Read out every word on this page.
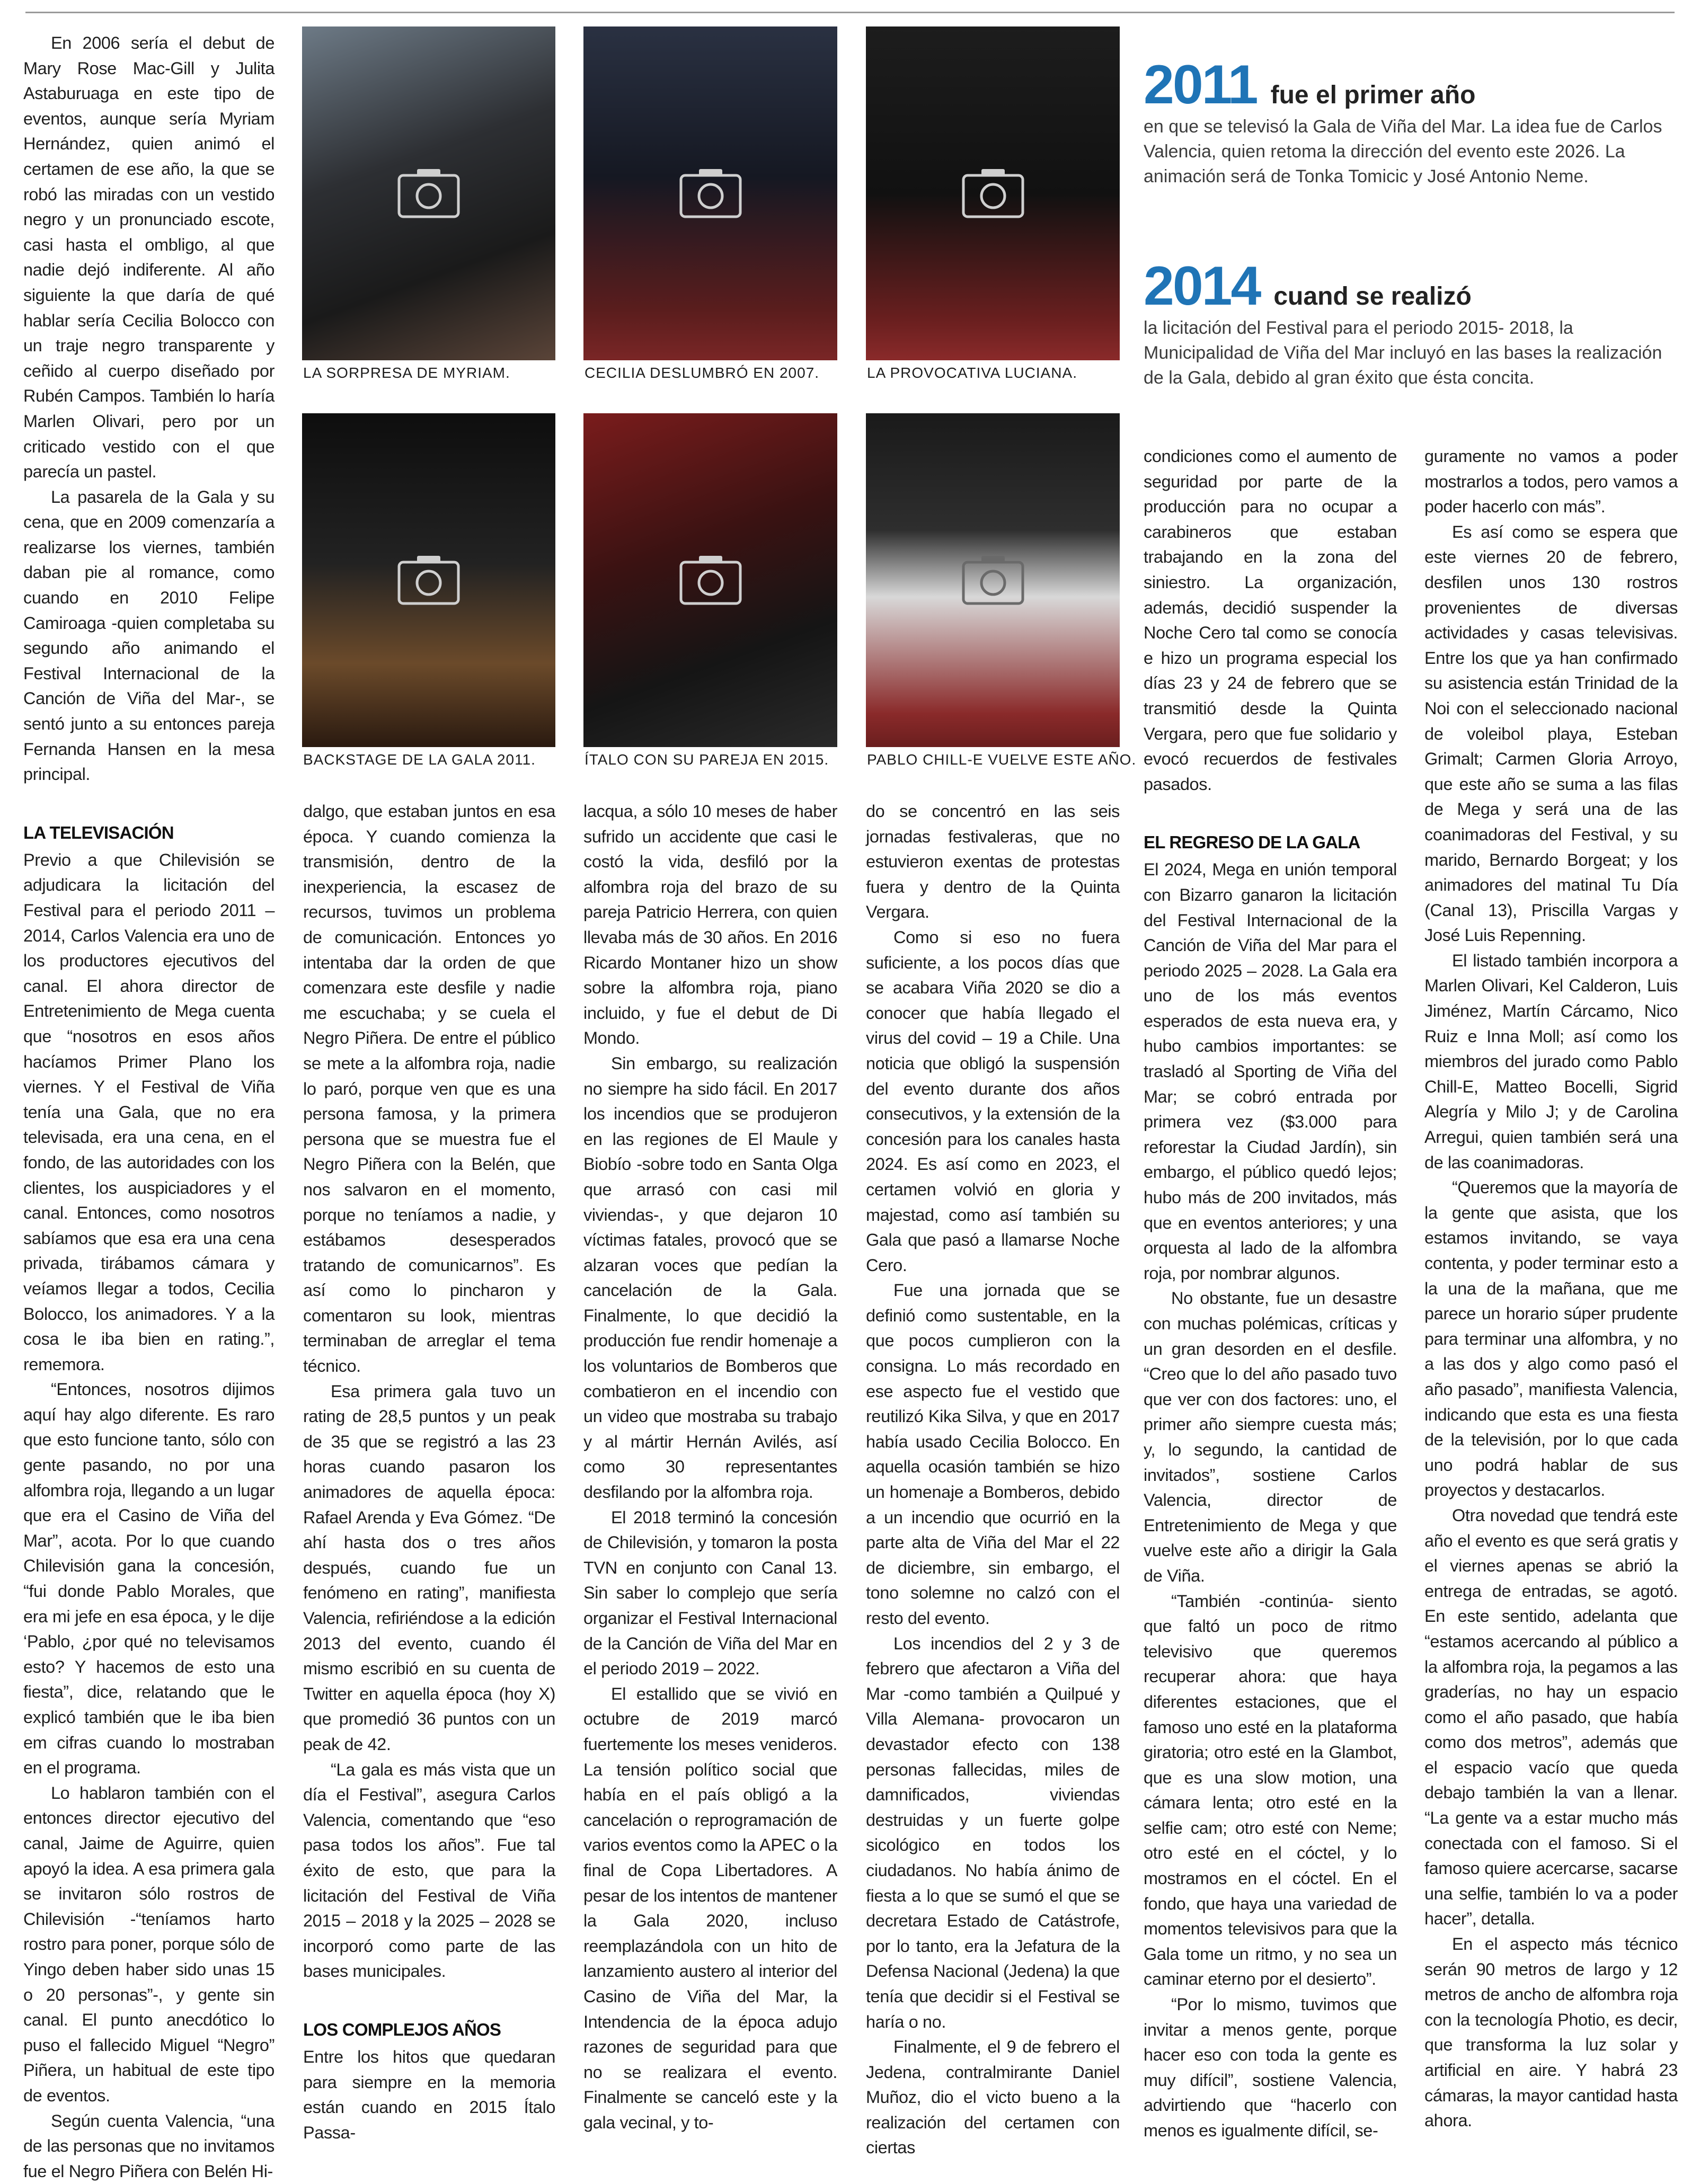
LA SORPRESA DE MYRIAM.	CECILIA DESLUMBRÓ EN 2007.	LA PROVOCATIVA LUCIANA.
BACKSTAGE DE LA GALA 2011.	ÍTALO CON SU PAREJA EN 2015.	PABLO CHILL-E VUELVE ESTE AÑO.
2011 fue el primer año
en que se televisó la Gala de Viña del Mar. La idea fue de Carlos Valencia, quien retoma la dirección del evento este 2026. La animación será de Tonka Tomicic y José Antonio Neme.
2014 cuand se realizó
la licitación del Festival para el periodo 2015- 2018, la Municipalidad de Viña del Mar incluyó en las bases la realización de la Gala, debido al gran éxito que ésta concita.

En 2006 sería el debut de Mary Rose Mac-Gill y Julita Astaburuaga en este tipo de eventos, aunque sería Myriam Hernández, quien animó el certamen de ese año, la que se robó las miradas con un vestido negro y un pronunciado escote, casi hasta el ombligo, al que nadie dejó indiferente. Al año siguiente la que daría de qué hablar sería Cecilia Bolocco con un traje negro transparente y ceñido al cuerpo diseñado por Rubén Campos. También lo haría Marlen Olivari, pero por un criticado vestido con el que parecía un pastel.

La pasarela de la Gala y su cena, que en 2009 comenzaría a realizarse los viernes, también daban pie al romance, como cuando en 2010 Felipe Camiroaga -quien completaba su segundo año animando el Festival Internacional de la Canción de Viña del Mar-, se sentó junto a su entonces pareja Fernanda Hansen en la mesa principal.

LA TELEVISACIÓN

Previo a que Chilevisión se adjudicara la licitación del Festival para el periodo 2011 – 2014, Carlos Valencia era uno de los productores ejecutivos del canal. El ahora director de Entretenimiento de Mega cuenta que “nosotros en esos años hacíamos Primer Plano los viernes. Y el Festival de Viña tenía una Gala, que no era televisada, era una cena, en el fondo, de las autoridades con los clientes, los auspiciadores y el canal. Entonces, como nosotros sabíamos que esa era una cena privada, tirábamos cámara y veíamos llegar a todos, Cecilia Bolocco, los animadores. Y a la cosa le iba bien en rating.”, rememora.

“Entonces, nosotros dijimos aquí hay algo diferente. Es raro que esto funcione tanto, sólo con gente pasando, no por una alfombra roja, llegando a un lugar que era el Casino de Viña del Mar”, acota. Por lo que cuando Chilevisión gana la concesión, “fui donde Pablo Morales, que era mi jefe en esa época, y le dije ‘Pablo, ¿por qué no televisamos esto? Y hacemos de esto una fiesta”, dice, relatando que le explicó también que le iba bien em cifras cuando lo mostraban en el programa.

Lo hablaron también con el entonces director ejecutivo del canal, Jaime de Aguirre, quien apoyó la idea. A esa primera gala se invitaron sólo rostros de Chilevisión -“teníamos harto rostro para poner, porque sólo de Yingo deben haber sido unas 15 o 20 personas”-, y gente sin canal. El punto anecdótico lo puso el fallecido Miguel “Negro” Piñera, un habitual de este tipo de eventos.

Según cuenta Valencia, “una de las personas que no invitamos fue el Negro Piñera con Belén Hi-

dalgo, que estaban juntos en esa época. Y cuando comienza la transmisión, dentro de la inexperiencia, la escasez de recursos, tuvimos un problema de comunicación. Entonces yo intentaba dar la orden de que comenzara este desfile y nadie me escuchaba; y se cuela el Negro Piñera. De entre el público se mete a la alfombra roja, nadie lo paró, porque ven que es una persona famosa, y la primera persona que se muestra fue el Negro Piñera con la Belén, que nos salvaron en el momento, porque no teníamos a nadie, y estábamos desesperados tratando de comunicarnos”. Es así como lo pincharon y comentaron su look, mientras terminaban de arreglar el tema técnico.

Esa primera gala tuvo un rating de 28,5 puntos y un peak de 35 que se registró a las 23 horas cuando pasaron los animadores de aquella época: Rafael Arenda y Eva Gómez. “De ahí hasta dos o tres años después, cuando fue un fenómeno en rating”, manifiesta Valencia, refiriéndose a la edición 2013 del evento, cuando él mismo escribió en su cuenta de Twitter en aquella época (hoy X) que promedió 36 puntos con un peak de 42.

“La gala es más vista que un día el Festival”, asegura Carlos Valencia, comentando que “eso pasa todos los años”. Fue tal éxito de esto, que para la licitación del Festival de Viña 2015 – 2018 y la 2025 – 2028 se incorporó como parte de las bases municipales.

LOS COMPLEJOS AÑOS

Entre los hitos que quedaran para siempre en la memoria están cuando en 2015 Ítalo Passa-

lacqua, a sólo 10 meses de haber sufrido un accidente que casi le costó la vida, desfiló por la alfombra roja del brazo de su pareja Patricio Herrera, con quien llevaba más de 30 años. En 2016 Ricardo Montaner hizo un show sobre la alfombra roja, piano incluido, y fue el debut de Di Mondo.

Sin embargo, su realización no siempre ha sido fácil. En 2017 los incendios que se produjeron en las regiones de El Maule y Biobío -sobre todo en Santa Olga que arrasó con casi mil viviendas-, y que dejaron 10 víctimas fatales, provocó que se alzaran voces que pedían la cancelación de la Gala. Finalmente, lo que decidió la producción fue rendir homenaje a los voluntarios de Bomberos que combatieron en el incendio con un video que mostraba su trabajo y al mártir Hernán Avilés, así como 30 representantes desfilando por la alfombra roja.

El 2018 terminó la concesión de Chilevisión, y tomaron la posta TVN en conjunto con Canal 13. Sin saber lo complejo que sería organizar el Festival Internacional de la Canción de Viña del Mar en el periodo 2019 – 2022.

El estallido que se vivió en octubre de 2019 marcó fuertemente los meses venideros. La tensión político social que había en el país obligó a la cancelación o reprogramación de varios eventos como la APEC o la final de Copa Libertadores. A pesar de los intentos de mantener la Gala 2020, incluso reemplazándola con un hito de lanzamiento austero al interior del Casino de Viña del Mar, la Intendencia de la época adujo razones de seguridad para que no se realizara el evento. Finalmente se canceló este y la gala vecinal, y to-

do se concentró en las seis jornadas festivaleras, que no estuvieron exentas de protestas fuera y dentro de la Quinta Vergara.

Como si eso no fuera suficiente, a los pocos días que se acabara Viña 2020 se dio a conocer que había llegado el virus del covid – 19 a Chile. Una noticia que obligó la suspensión del evento durante dos años consecutivos, y la extensión de la concesión para los canales hasta 2024. Es así como en 2023, el certamen volvió en gloria y majestad, como así también su Gala que pasó a llamarse Noche Cero.

Fue una jornada que se definió como sustentable, en la que pocos cumplieron con la consigna. Lo más recordado en ese aspecto fue el vestido que reutilizó Kika Silva, y que en 2017 había usado Cecilia Bolocco. En aquella ocasión también se hizo un homenaje a Bomberos, debido a un incendio que ocurrió en la parte alta de Viña del Mar el 22 de diciembre, sin embargo, el tono solemne no calzó con el resto del evento.

Los incendios del 2 y 3 de febrero que afectaron a Viña del Mar -como también a Quilpué y Villa Alemana- provocaron un devastador efecto con 138 personas fallecidas, miles de damnificados, viviendas destruidas y un fuerte golpe sicológico en todos los ciudadanos. No había ánimo de fiesta a lo que se sumó el que se decretara Estado de Catástrofe, por lo tanto, era la Jefatura de la Defensa Nacional (Jedena) la que tenía que decidir si el Festival se haría o no.

Finalmente, el 9 de febrero el Jedena, contralmirante Daniel Muñoz, dio el victo bueno a la realización del certamen con ciertas

condiciones como el aumento de seguridad por parte de la producción para no ocupar a carabineros que estaban trabajando en la zona del siniestro. La organización, además, decidió suspender la Noche Cero tal como se conocía e hizo un programa especial los días 23 y 24 de febrero que se transmitió desde la Quinta Vergara, pero que fue solidario y evocó recuerdos de festivales pasados.

EL REGRESO DE LA GALA

El 2024, Mega en unión temporal con Bizarro ganaron la licitación del Festival Internacional de la Canción de Viña del Mar para el periodo 2025 – 2028. La Gala era uno de los más eventos esperados de esta nueva era, y hubo cambios importantes: se trasladó al Sporting de Viña del Mar; se cobró entrada por primera vez ($3.000 para reforestar la Ciudad Jardín), sin embargo, el público quedó lejos; hubo más de 200 invitados, más que en eventos anteriores; y una orquesta al lado de la alfombra roja, por nombrar algunos.

No obstante, fue un desastre con muchas polémicas, críticas y un gran desorden en el desfile. “Creo que lo del año pasado tuvo que ver con dos factores: uno, el primer año siempre cuesta más; y, lo segundo, la cantidad de invitados”, sostiene Carlos Valencia, director de Entretenimiento de Mega y que vuelve este año a dirigir la Gala de Viña.

“También -continúa- siento que faltó un poco de ritmo televisivo que queremos recuperar ahora: que haya diferentes estaciones, que el famoso uno esté en la plataforma giratoria; otro esté en la Glambot, que es una slow motion, una cámara lenta; otro esté en la selfie cam; otro esté con Neme; otro esté en el cóctel, y lo mostramos en el cóctel. En el fondo, que haya una variedad de momentos televisivos para que la Gala tome un ritmo, y no sea un caminar eterno por el desierto”.

“Por lo mismo, tuvimos que invitar a menos gente, porque hacer eso con toda la gente es muy difícil”, sostiene Valencia, advirtiendo que “hacerlo con menos es igualmente difícil, se-

guramente no vamos a poder mostrarlos a todos, pero vamos a poder hacerlo con más”.

Es así como se espera que este viernes 20 de febrero, desfilen unos 130 rostros provenientes de diversas actividades y casas televisivas. Entre los que ya han confirmado su asistencia están Trinidad de la Noi con el seleccionado nacional de voleibol playa, Esteban Grimalt; Carmen Gloria Arroyo, que este año se suma a las filas de Mega y será una de las coanimadoras del Festival, y su marido, Bernardo Borgeat; y los animadores del matinal Tu Día (Canal 13), Priscilla Vargas y José Luis Repenning.

El listado también incorpora a Marlen Olivari, Kel Calderon, Luis Jiménez, Martín Cárcamo, Nico Ruiz e Inna Moll; así como los miembros del jurado como Pablo Chill-E, Matteo Bocelli, Sigrid Alegría y Milo J; y de Carolina Arregui, quien también será una de las coanimadoras.

“Queremos que la mayoría de la gente que asista, que los estamos invitando, se vaya contenta, y poder terminar esto a la una de la mañana, que me parece un horario súper prudente para terminar una alfombra, y no a las dos y algo como pasó el año pasado”, manifiesta Valencia, indicando que esta es una fiesta de la televisión, por lo que cada uno podrá hablar de sus proyectos y destacarlos.

Otra novedad que tendrá este año el evento es que será gratis y el viernes apenas se abrió la entrega de entradas, se agotó. En este sentido, adelanta que “estamos acercando al público a la alfombra roja, la pegamos a las graderías, no hay un espacio como el año pasado, que había como dos metros”, además que el espacio vacío que queda debajo también la van a llenar. “La gente va a estar mucho más conectada con el famoso. Si el famoso quiere acercarse, sacarse una selfie, también lo va a poder hacer”, detalla.

En el aspecto más técnico serán 90 metros de largo y 12 metros de ancho de alfombra roja con la tecnología Photio, es decir, que transforma la luz solar y artificial en aire. Y habrá 23 cámaras, la mayor cantidad hasta ahora.
